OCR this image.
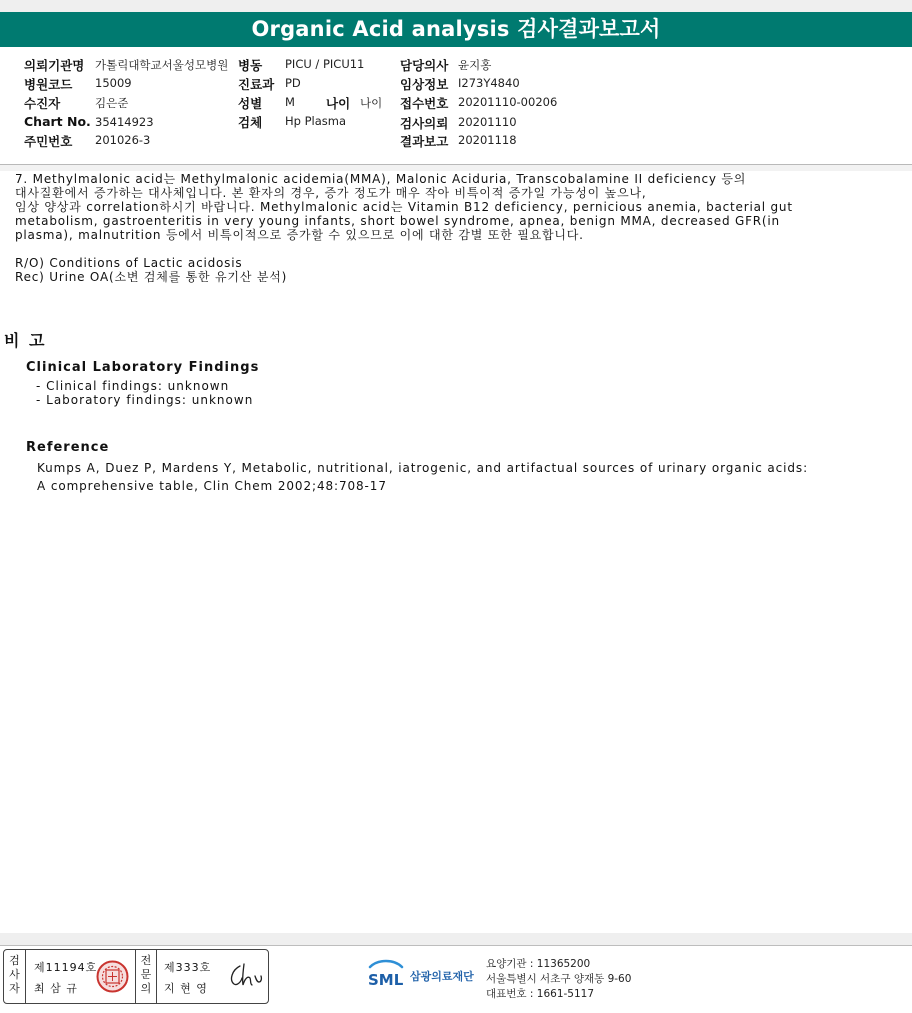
Organic Acid analysis 검사결과보고서
의뢰기관명 가톨릭대학교서울성모병원
병원코드 15009
수진자	김은준
Chart No. 35414923
주민번호 201026-3
병동 PICU / PICU11
진료과 PD
성별 M 나이 나이
검체 Hp Plasma
담당의사 윤지홍
임상정보 I273Y4840
접수번호 20201110-00206
검사의뢰 20201110
결과보고 20201118

7. Methylmalonic acid는 Methylmalonic acidemia(MMA), Malonic Aciduria, Transcobalamine II deficiency 등의

대사질환에서 증가하는 대사체입니다. 본 환자의 경우, 증가 정도가 매우 작아 비특이적 증가일 가능성이 높으나,

임상 양상과 correlation하시기 바랍니다. Methylmalonic acid는 Vitamin B12 deficiency, pernicious anemia, bacterial gut

metabolism, gastroenteritis in very young infants, short bowel syndrome, apnea, benign MMA, decreased GFR(in

plasma), malnutrition 등에서 비특이적으로 증가할 수 있으므로 이에 대한 감별 또한 필요합니다.

R/O) Conditions of Lactic acidosis

Rec) Urine OA(소변 검체를 통한 유기산 분석)

비 고
Clinical Laboratory Findings
- Clinical findings: unknown
- Laboratory findings: unknown
Reference
Kumps A, Duez P, Mardens Y, Metabolic, nutritional, iatrogenic, and artifactual sources of urinary organic acids:
A comprehensive table, Clin Chem 2002;48:708-17
검사자
제11194호
최 삼 규
전문의
제333호
지 현 영	SML 삼광의료재단
요양기관 : 11365200
서울특별시 서초구 양재동 9-60
대표번호 : 1661-5117
